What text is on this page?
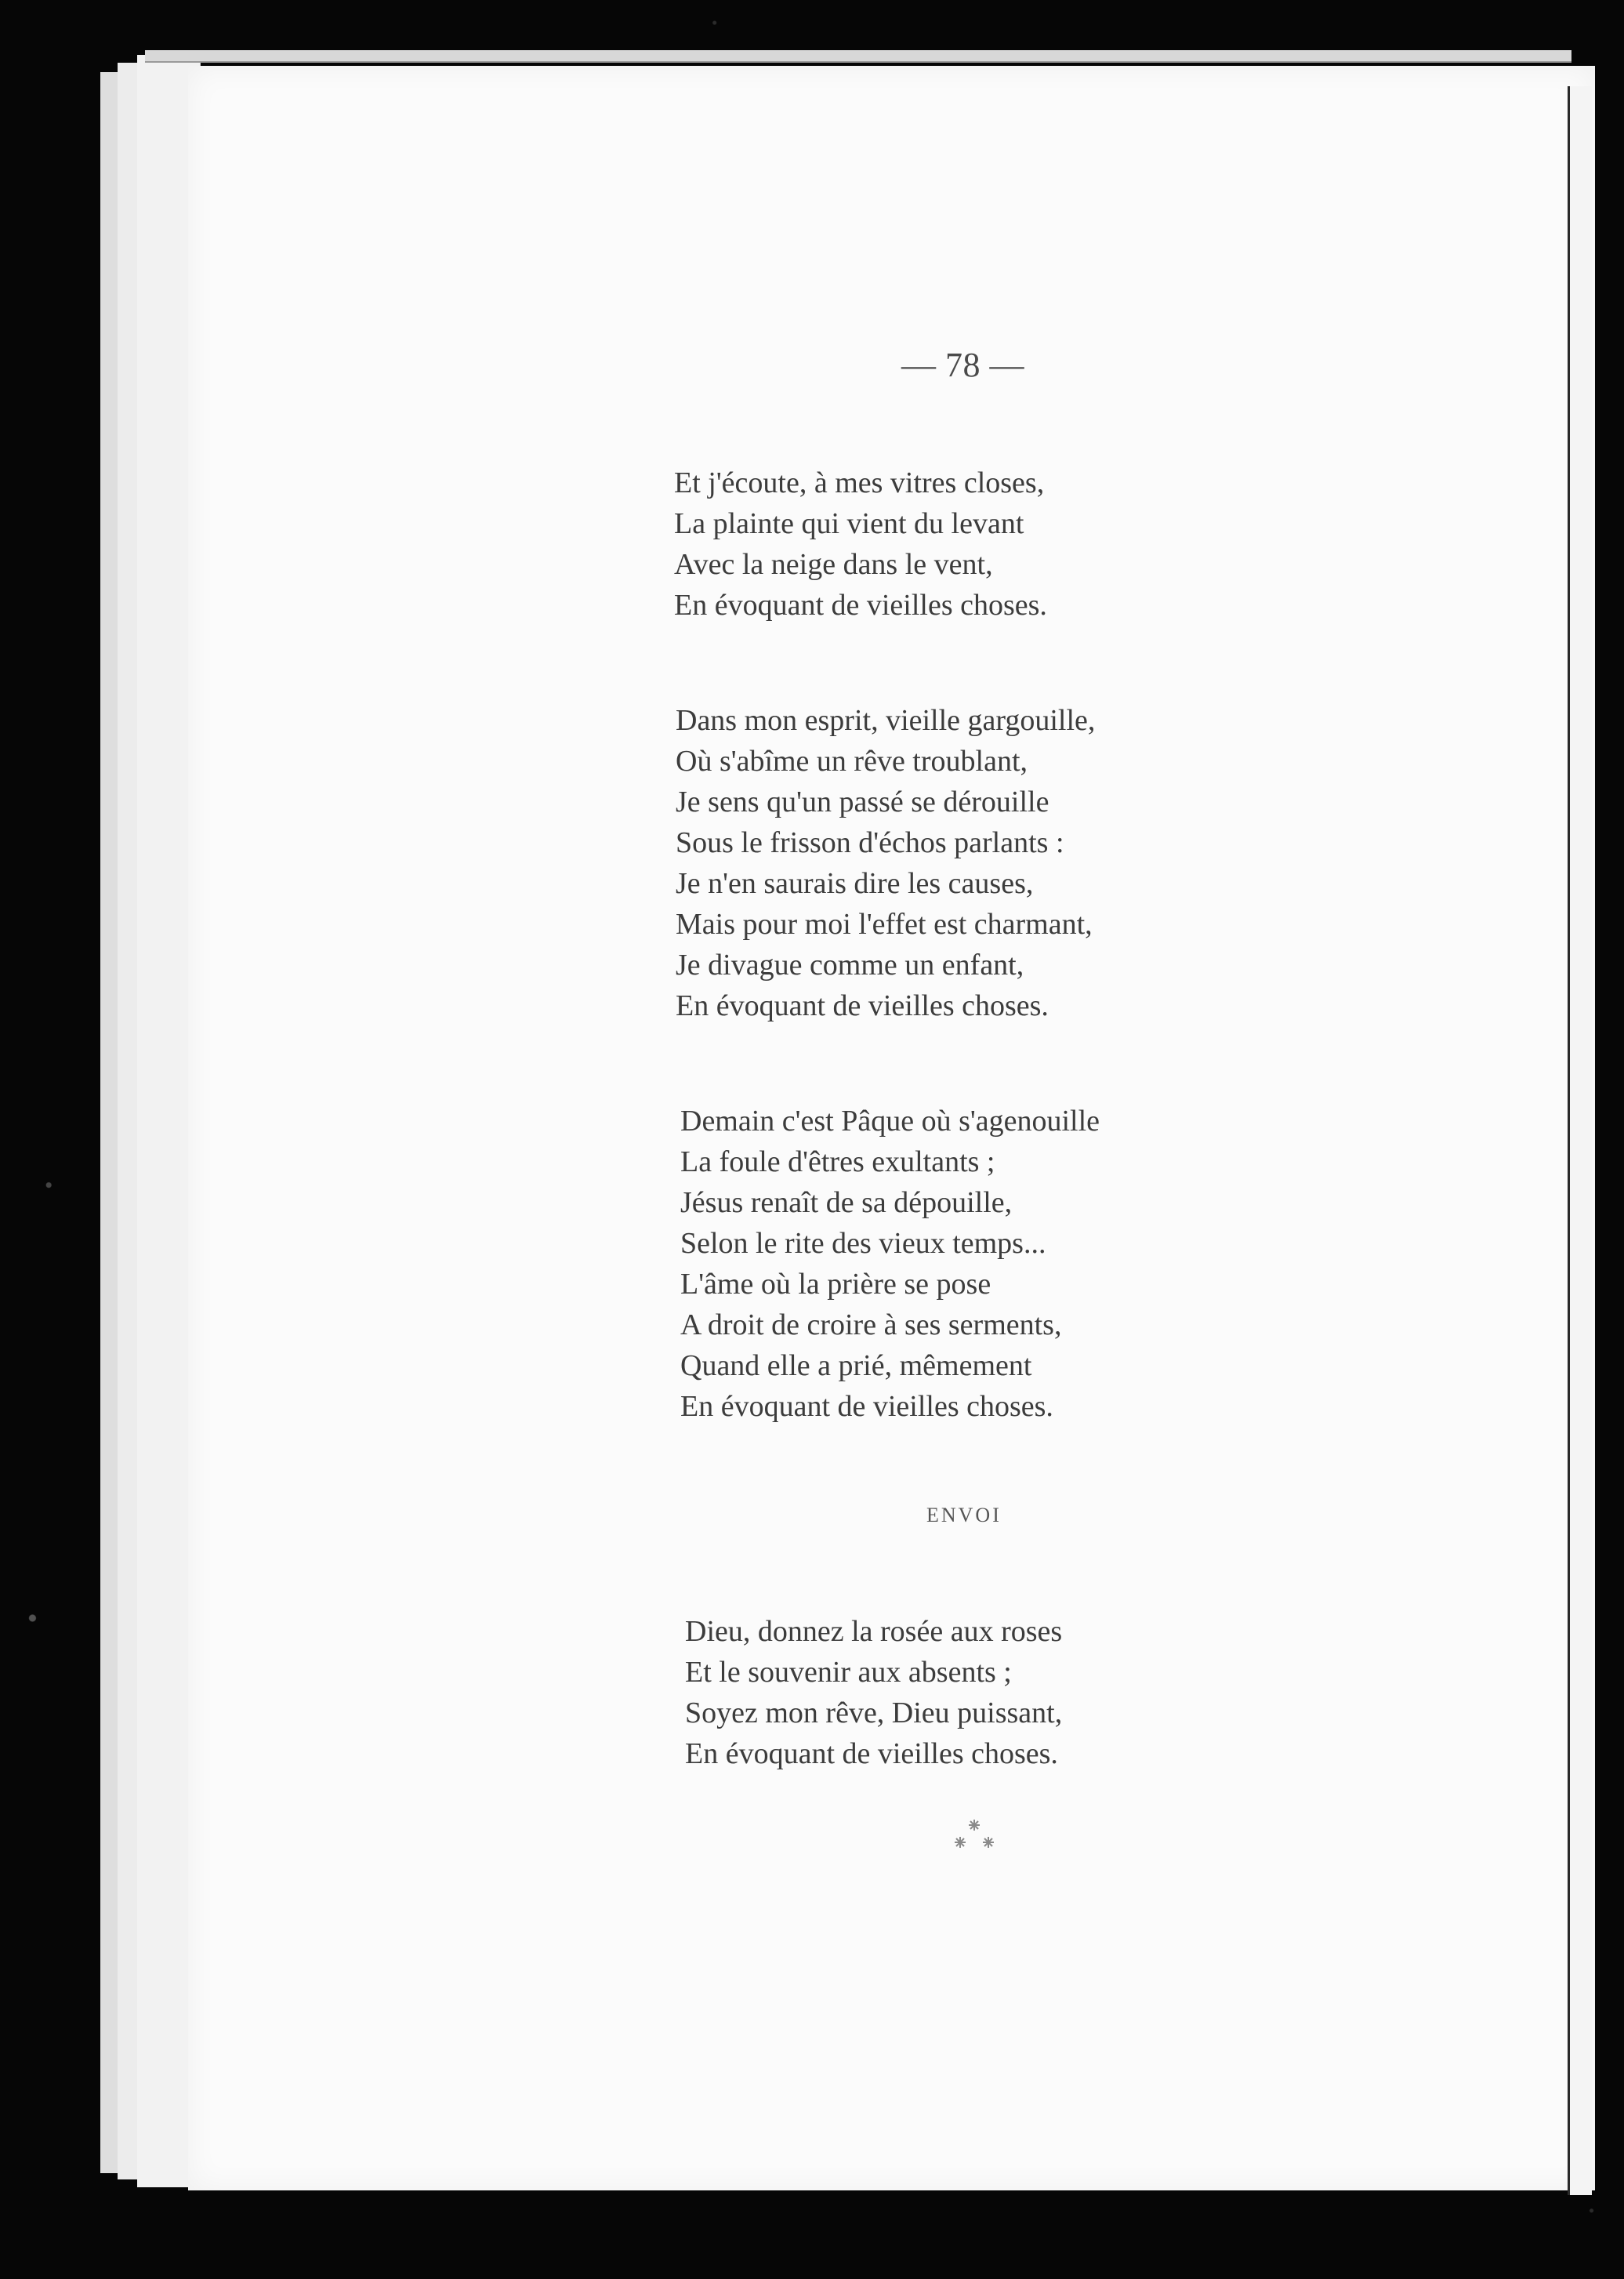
— 78 —
Et j'écoute, à mes vitres closes,
La plainte qui vient du levant
Avec la neige dans le vent,
En évoquant de vieilles choses.
Dans mon esprit, vieille gargouille,
Où s'abîme un rêve troublant,
Je sens qu'un passé se dérouille
Sous le frisson d'échos parlants :
Je n'en saurais dire les causes,
Mais pour moi l'effet est charmant,
Je divague comme un enfant,
En évoquant de vieilles choses.
Demain c'est Pâque où s'agenouille
La foule d'êtres exultants ;
Jésus renaît de sa dépouille,
Selon le rite des vieux temps...
L'âme où la prière se pose
A droit de croire à ses serments,
Quand elle a prié, mêmement
En évoquant de vieilles choses.
ENVOI
Dieu, donnez la rosée aux roses
Et le souvenir aux absents ;
Soyez mon rêve, Dieu puissant,
En évoquant de vieilles choses.
